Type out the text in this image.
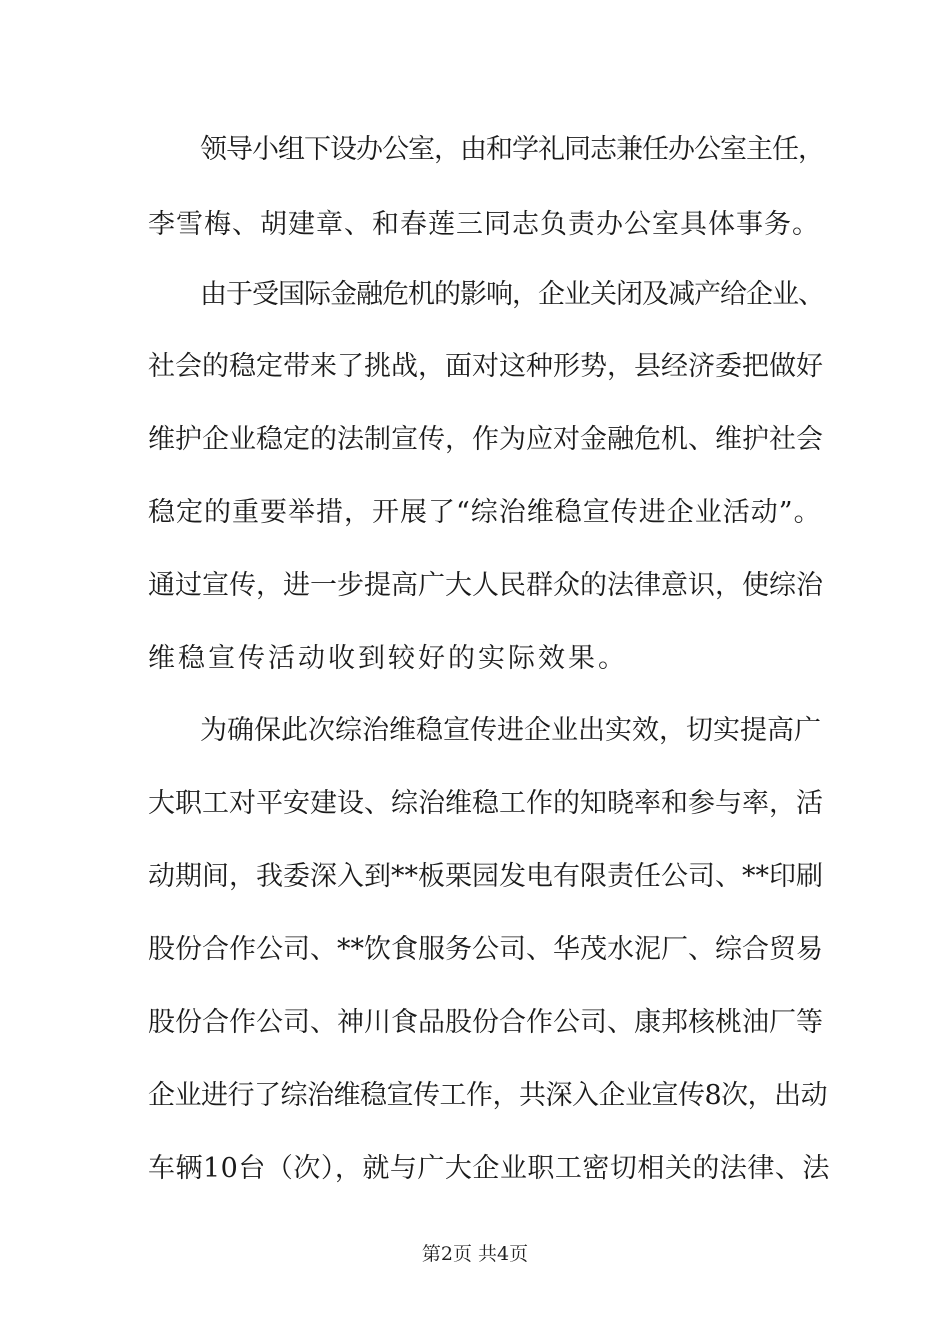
领导小组下设办公室，由和学礼同志兼任办公室主任，
李雪梅、胡建章、和春莲三同志负责办公室具体事务。
由于受国际金融危机的影响，企业关闭及减产给企业、
社会的稳定带来了挑战，面对这种形势，县经济委把做好
维护企业稳定的法制宣传，作为应对金融危机、维护社会
稳定的重要举措，开展了“综治维稳宣传进企业活动”。
通过宣传，进一步提高广大人民群众的法律意识，使综治
维稳宣传活动收到较好的实际效果。
为确保此次综治维稳宣传进企业出实效，切实提高广
大职工对平安建设、综治维稳工作的知晓率和参与率，活
动期间，我委深入到**板栗园发电有限责任公司、**印刷
股份合作公司、**饮食服务公司、华茂水泥厂、综合贸易
股份合作公司、神川食品股份合作公司、康邦核桃油厂等
企业进行了综治维稳宣传工作，共深入企业宣传8次，出动
车辆10台（次），就与广大企业职工密切相关的法律、法
第2页 共4页
